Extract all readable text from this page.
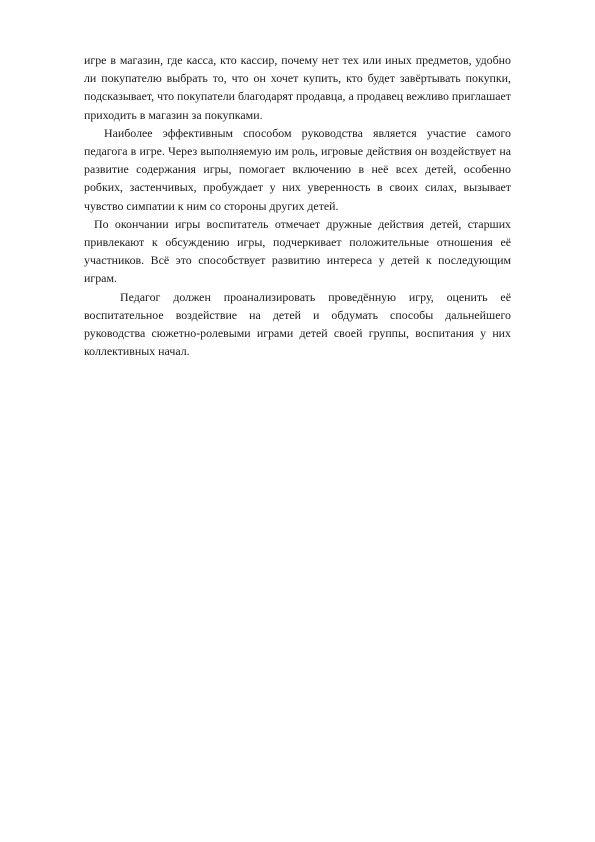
игре в магазин, где касса, кто кассир, почему нет тех или иных предметов, удобно ли покупателю выбрать то, что он хочет купить, кто будет завёртывать покупки, подсказывает, что покупатели благодарят продавца, а продавец вежливо приглашает приходить в магазин за покупками.

Наиболее эффективным способом руководства является участие самого педагога в игре. Через выполняемую им роль, игровые действия он воздействует на развитие содержания игры, помогает включению в неё всех детей, особенно робких, застенчивых, пробуждает у них уверенность в своих силах, вызывает чувство симпатии к ним со стороны других детей.

По окончании игры воспитатель отмечает дружные действия детей, старших привлекают к обсуждению игры, подчеркивает положительные отношения её участников. Всё это способствует развитию интереса у детей к последующим играм.

Педагог должен проанализировать проведённую игру, оценить её воспитательное воздействие на детей и обдумать способы дальнейшего руководства сюжетно-ролевыми играми детей своей группы, воспитания у них коллективных начал.
